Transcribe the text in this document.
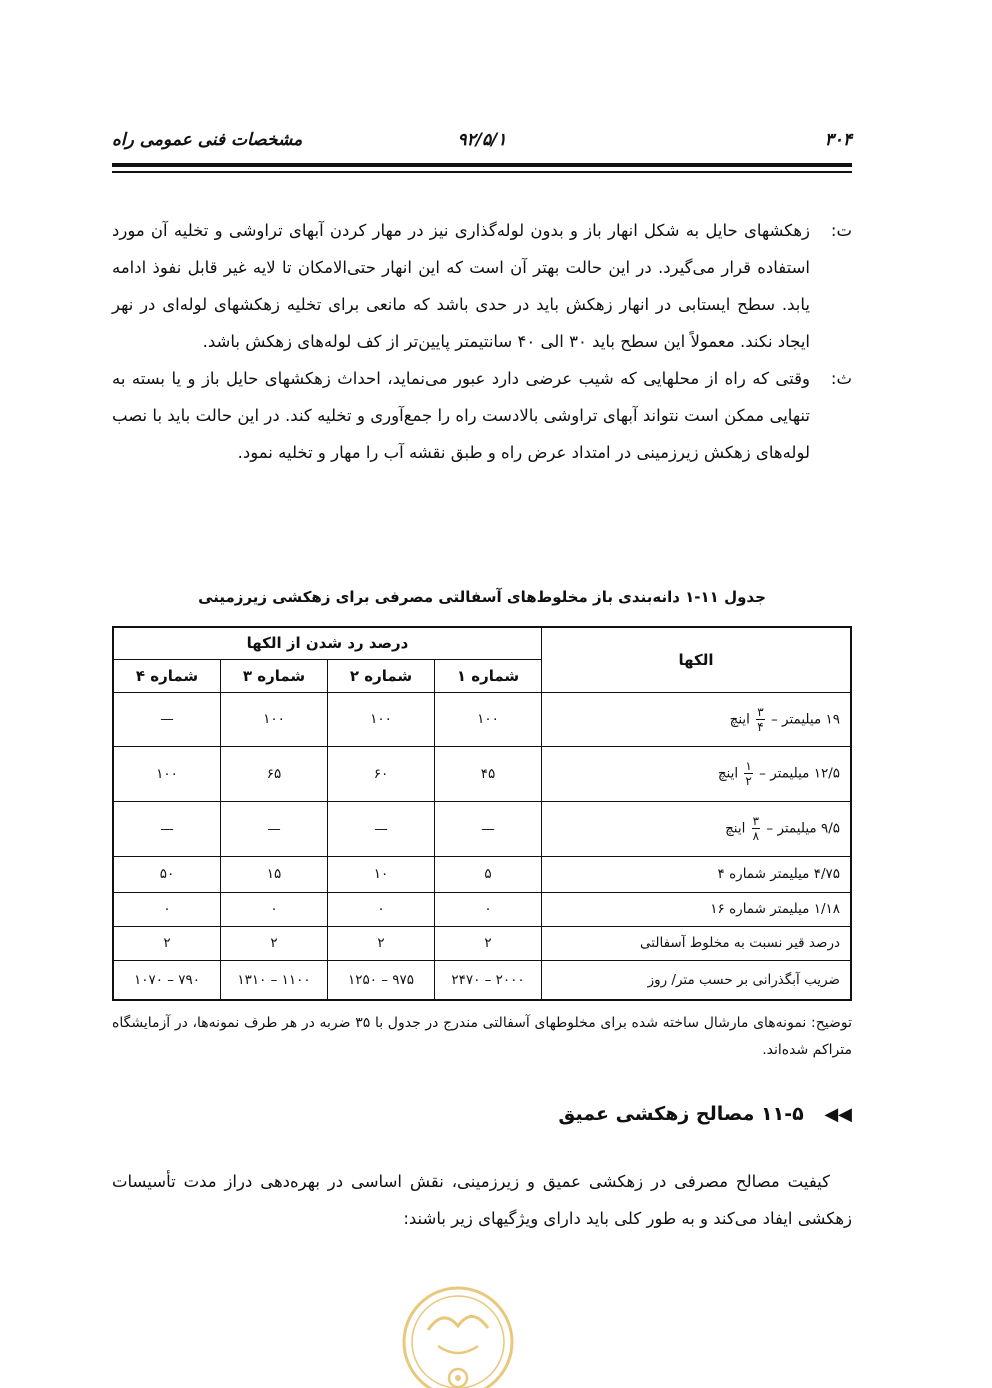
۳۰۴
۹۲/۵/۱
مشخصات فنی عمومی راه
ت:
زهکشهای حایل به شکل انهار باز و بدون لوله‌گذاری نیز در مهار کردن آبهای تراوشی و تخلیه آن مورد استفاده قرار می‌گیرد. در این حالت بهتر آن است که این انهار حتی‌الامکان تا لایه غیر قابل نفوذ ادامه یابد. سطح ایستابی در انهار زهکش باید در حدی باشد که مانعی برای تخلیه زهکشهای لوله‌ای در نهر ایجاد نکند. معمولاً این سطح باید ۳۰ الی ۴۰ سانتیمتر پایین‌تر از کف لوله‌های زهکش باشد.
ث:
وقتی که راه از محلهایی که شیب عرضی دارد عبور می‌نماید، احداث زهکشهای حایل باز و یا بسته به تنهایی ممکن است نتواند آبهای تراوشی بالادست راه را جمع‌آوری و تخلیه کند. در این حالت باید با نصب لوله‌های زهکش زیرزمینی در امتداد عرض راه و طبق نقشه آب را مهار و تخلیه نمود.
جدول ۱۱-۱ دانه‌بندی باز مخلوط‌های آسفالتی مصرفی برای زهکشی زیرزمینی
الکها	درصد رد شدن از الکها			
	شماره ۱	شماره ۲	شماره ۳	شماره ۴
۱۹ میلیمتر –
$\frac{۳}{۴}$
اینچ	۱۰۰	۱۰۰	۱۰۰	—
۱۲/۵ میلیمتر –
$\frac{۱}{۲}$
اینچ	۴۵	۶۰	۶۵	۱۰۰
۹/۵ میلیمتر –
$\frac{۳}{۸}$
اینچ	—	—	—	—
۴/۷۵ میلیمتر شماره ۴	۵	۱۰	۱۵	۵۰
۱/۱۸ میلیمتر شماره ۱۶	۰	۰	۰	۰
درصد قیر نسبت به مخلوط آسفالتی	۲	۲	۲	۲
ضریب آبگذرانی بر حسب متر/ روز	۲۰۰۰ – ۲۴۷۰	۹۷۵ – ۱۲۵۰	۱۱۰۰ – ۱۳۱۰	۷۹۰ – ۱۰۷۰
توضیح: نمونه‌های مارشال ساخته شده برای مخلوطهای آسفالتی مندرج در جدول با ۳۵ ضربه در هر طرف نمونه‌ها، در آزمایشگاه متراکم شده‌اند.
◀◀ ۱۱-۵ مصالح زهکشی عمیق
کیفیت مصالح مصرفی در زهکشی عمیق و زیرزمینی، نقش اساسی در بهره‌دهی دراز مدت تأسیسات زهکشی ایفاد می‌کند و به طور کلی باید دارای ویژگیهای زیر باشند:
